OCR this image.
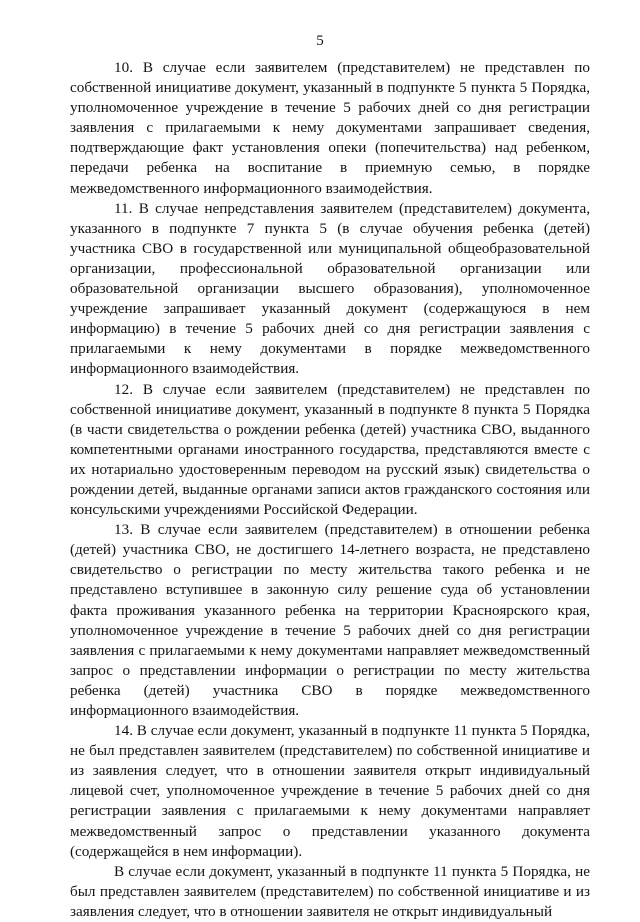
5

10. В случае если заявителем (представителем) не представлен по собственной инициативе документ, указанный в подпункте 5 пункта 5 Порядка, уполномоченное учреждение в течение 5 рабочих дней со дня регистрации заявления с прилагаемыми к нему документами запрашивает сведения, подтверждающие факт установления опеки (попечительства) над ребенком, передачи ребенка на воспитание в приемную семью, в порядке межведомственного информационного взаимодействия.

11. В случае непредставления заявителем (представителем) документа, указанного в подпункте 7 пункта 5 (в случае обучения ребенка (детей) участника СВО в государственной или муниципальной общеобразовательной организации, профессиональной образовательной организации или образовательной организации высшего образования), уполномоченное учреждение запрашивает указанный документ (содержащуюся в нем информацию) в течение 5 рабочих дней со дня регистрации заявления с прилагаемыми к нему документами в порядке межведомственного информационного взаимодействия.

12. В случае если заявителем (представителем) не представлен по собственной инициативе документ, указанный в подпункте 8 пункта 5 Порядка (в части свидетельства о рождении ребенка (детей) участника СВО, выданного компетентными органами иностранного государства, представляются вместе с их нотариально удостоверенным переводом на русский язык) свидетельства о рождении детей, выданные органами записи актов гражданского состояния или консульскими учреждениями Российской Федерации.

13. В случае если заявителем (представителем) в отношении ребенка (детей) участника СВО, не достигшего 14-летнего возраста, не представлено свидетельство о регистрации по месту жительства такого ребенка и не представлено вступившее в законную силу решение суда об установлении факта проживания указанного ребенка на территории Красноярского края, уполномоченное учреждение в течение 5 рабочих дней со дня регистрации заявления с прилагаемыми к нему документами направляет межведомственный запрос о представлении информации о регистрации по месту жительства ребенка (детей) участника СВО в порядке межведомственного информационного взаимодействия.

14. В случае если документ, указанный в подпункте 11 пункта 5 Порядка, не был представлен заявителем (представителем) по собственной инициативе и из заявления следует, что в отношении заявителя открыт индивидуальный лицевой счет, уполномоченное учреждение в течение 5 рабочих дней со дня регистрации заявления с прилагаемыми к нему документами направляет межведомственный запрос о представлении указанного документа (содержащейся в нем информации).

В случае если документ, указанный в подпункте 11 пункта 5 Порядка, не был представлен заявителем (представителем) по собственной инициативе и из заявления следует, что в отношении заявителя не открыт индивидуальный
